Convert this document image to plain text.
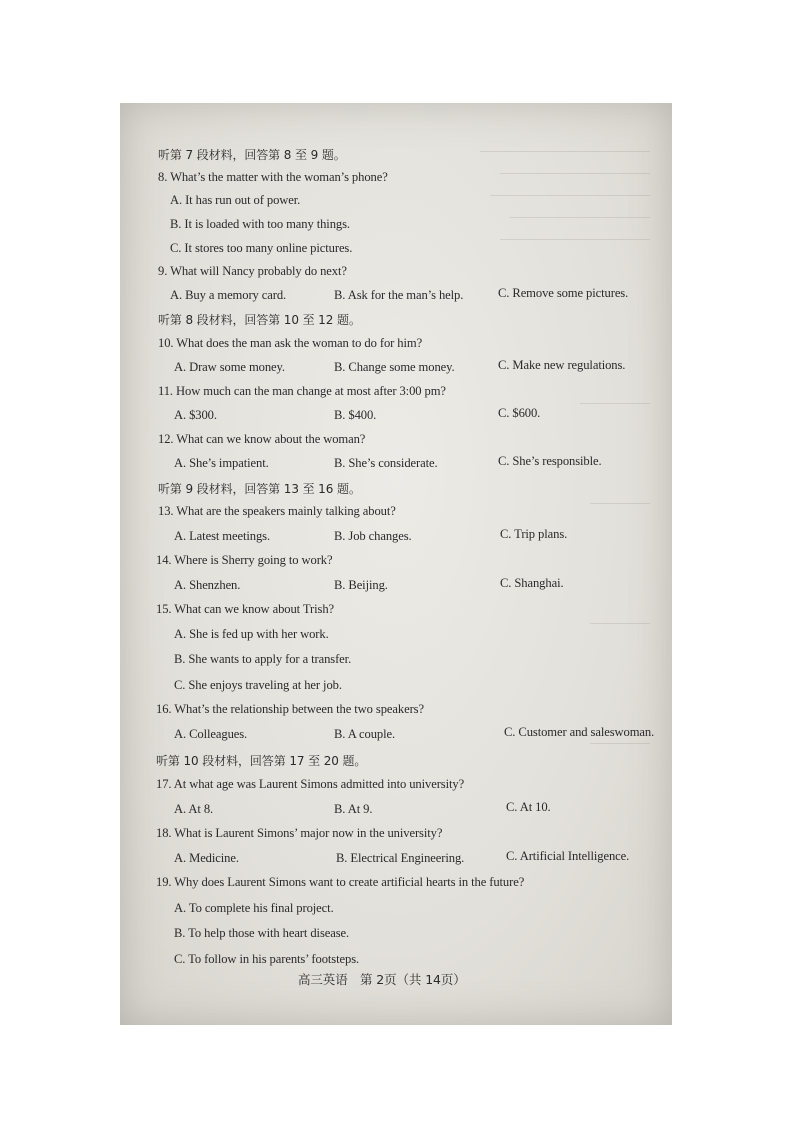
听第 7 段材料，回答第 8 至 9 题。
8. What’s the matter with the woman’s phone?
A. It has run out of power.
B. It is loaded with too many things.
C. It stores too many online pictures.
9. What will Nancy probably do next?
A. Buy a memory card.	B. Ask for the man’s help.	C. Remove some pictures.
听第 8 段材料，回答第 10 至 12 题。
10. What does the man ask the woman to do for him?
A. Draw some money.	B. Change some money.	C. Make new regulations.
11. How much can the man change at most after 3:00 pm?
A. $300.	B. $400.	C. $600.
12. What can we know about the woman?
A. She’s impatient.	B. She’s considerate.	C. She’s responsible.
听第 9 段材料，回答第 13 至 16 题。
13. What are the speakers mainly talking about?
A. Latest meetings.	B. Job changes.	C. Trip plans.
14. Where is Sherry going to work?
A. Shenzhen.	B. Beijing.	C. Shanghai.
15. What can we know about Trish?
A. She is fed up with her work.
B. She wants to apply for a transfer.
C. She enjoys traveling at her job.
16. What’s the relationship between the two speakers?
A. Colleagues.	B. A couple.	C. Customer and saleswoman.
听第 10 段材料，回答第 17 至 20 题。
17. At what age was Laurent Simons admitted into university?
A. At 8.	B. At 9.	C. At 10.
18. What is Laurent Simons’ major now in the university?
A. Medicine.	B. Electrical Engineering.	C. Artificial Intelligence.
19. Why does Laurent Simons want to create artificial hearts in the future?
A. To complete his final project.
B. To help those with heart disease.
C. To follow in his parents’ footsteps.
高三英语　第 2页（共 14页）
